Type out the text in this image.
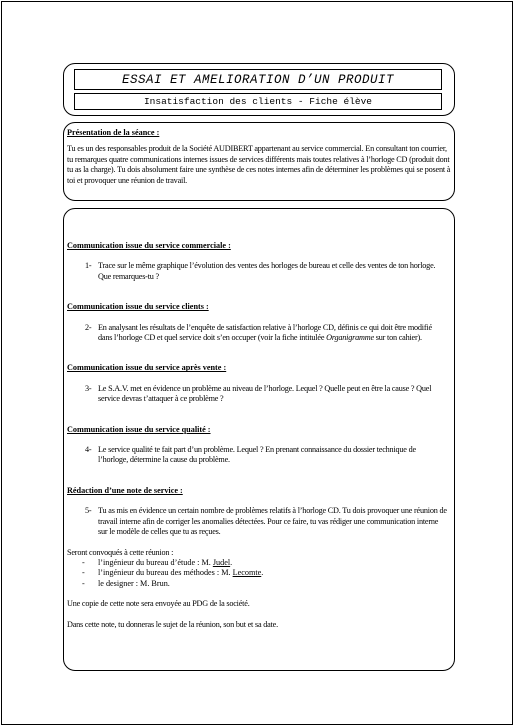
ESSAI ET AMELIORATION D’UN PRODUIT
Insatisfaction des clients - Fiche élève

Présentation de la séance :

Tu es un des responsables produit de la Société AUDIBERT appartenant au service commercial. En consultant ton courrier, tu remarques quatre communications internes issues de services différents mais toutes relatives à l’horloge CD (produit dont tu as la charge). Tu dois absolument faire une synthèse de ces notes internes afin de déterminer les problèmes qui se posent à toi et provoquer une réunion de travail.

Communication issue du service commerciale :

1- Trace sur le même graphique l’évolution des ventes des horloges de bureau et celle des ventes de ton horloge. Que remarques-tu ?

Communication issue du service clients :

2- En analysant les résultats de l’enquête de satisfaction relative à l’horloge CD, définis ce qui doit être modifié dans l’horloge CD et quel service doit s’en occuper (voir la fiche intitulée Organigramme sur ton cahier).

Communication issue du service après vente :

3- Le S.A.V. met en évidence un problème au niveau de l’horloge. Lequel ? Quelle peut en être la cause ? Quel service devras t’attaquer à ce problème ?

Communication issue du service qualité :

4- Le service qualité te fait part d’un problème. Lequel ? En prenant connaissance du dossier technique de l’horloge, détermine la cause du problème.

Rédaction d’une note de service :

5- Tu as mis en évidence un certain nombre de problèmes relatifs à l’horloge CD. Tu dois provoquer une réunion de travail interne afin de corriger les anomalies détectées. Pour ce faire, tu vas rédiger une communication interne sur le modèle de celles que tu as reçues.

Seront convoqués à cette réunion :

- l’ingénieur du bureau d’étude : M. Judel.
- l’ingénieur du bureau des méthodes : M. Lecomte.
- le designer : M. Brun.

Une copie de cette note sera envoyée au PDG de la société.

Dans cette note, tu donneras le sujet de la réunion, son but et sa date.
